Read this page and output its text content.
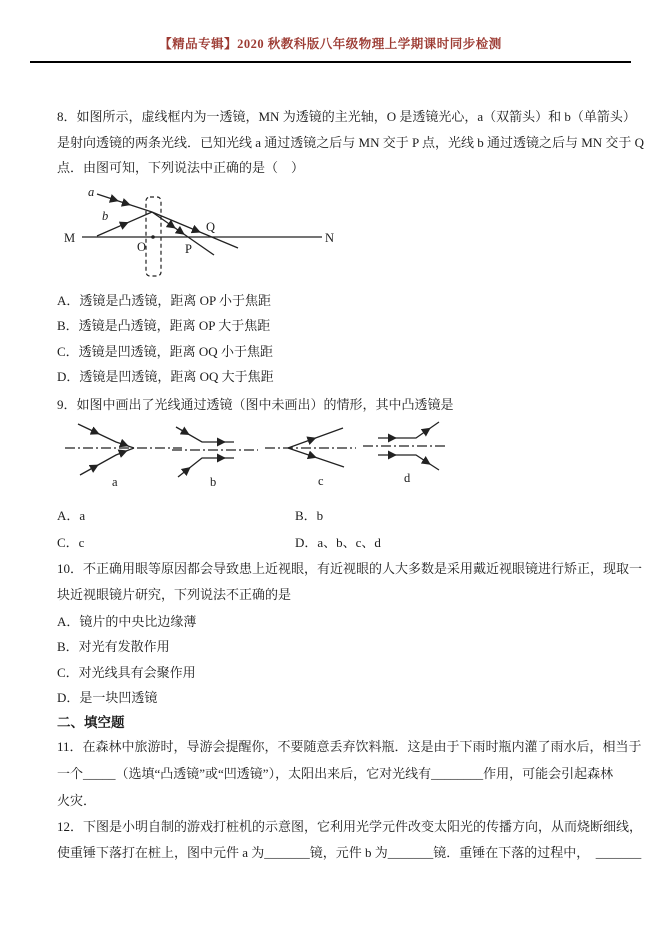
【精品专辑】2020 秋教科版八年级物理上学期课时同步检测
8．如图所示，虚线框内为一透镜，MN 为透镜的主光轴，O 是透镜光心，a（双箭头）和 b（单箭头）
是射向透镜的两条光线．已知光线 a 通过透镜之后与 MN 交于 P 点，光线 b 通过透镜之后与 MN 交于 Q
点．由图可知，下列说法中正确的是（　）
a
b
M	N
O	P
Q
A．透镜是凸透镜，距离 OP 小于焦距
B．透镜是凸透镜，距离 OP 大于焦距
C．透镜是凹透镜，距离 OQ 小于焦距
D．透镜是凹透镜，距离 OQ 大于焦距
9．如图中画出了光线通过透镜（图中未画出）的情形，其中凸透镜是
a	b	c	d
A．a	B．b
C．c	D．a、b、c、d
10．不正确用眼等原因都会导致患上近视眼，有近视眼的人大多数是采用戴近视眼镜进行矫正，现取一
块近视眼镜片研究，下列说法不正确的是
A．镜片的中央比边缘薄
B．对光有发散作用
C．对光线具有会聚作用
D．是一块凹透镜
二、填空题
11．在森林中旅游时，导游会提醒你，不要随意丢弃饮料瓶．这是由于下雨时瓶内灌了雨水后，相当于
一个_____（选填“凸透镜”或“凹透镜”），太阳出来后，它对光线有________作用，可能会引起森林
火灾．
12．下图是小明自制的游戏打桩机的示意图，它利用光学元件改变太阳光的传播方向，从而烧断细线，
使重锤下落打在桩上，图中元件 a 为_______镜，元件 b 为_______镜．重锤在下落的过程中，　_______
